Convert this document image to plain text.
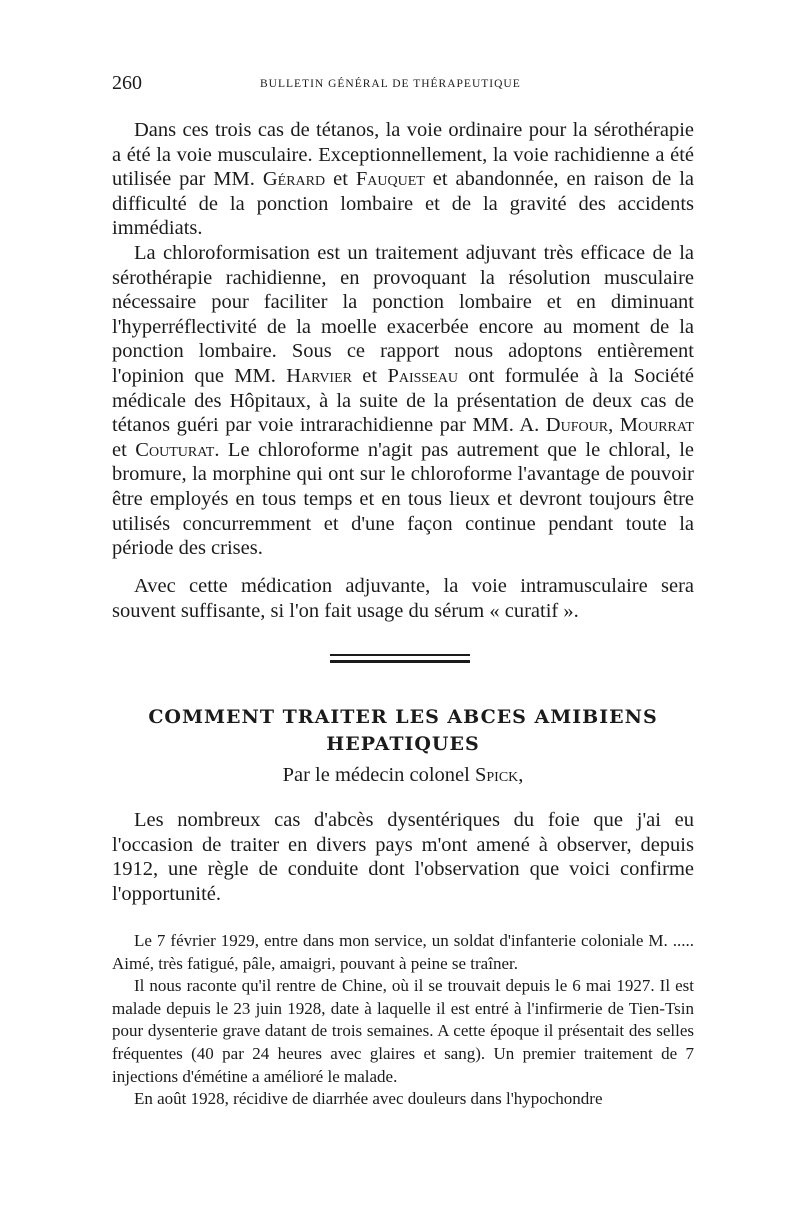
260	BULLETIN GÉNÉRAL DE THÉRAPEUTIQUE

Dans ces trois cas de tétanos, la voie ordinaire pour la sérothérapie a été la voie musculaire. Exceptionnellement, la voie rachidienne a été utilisée par MM. Gérard et Fauquet et abandonnée, en raison de la difficulté de la ponction lombaire et de la gravité des accidents immédiats.

La chloroformisation est un traitement adjuvant très efficace de la sérothérapie rachidienne, en provoquant la résolution musculaire nécessaire pour faciliter la ponction lombaire et en diminuant l'hyperréflectivité de la moelle exacerbée encore au moment de la ponction lombaire. Sous ce rapport nous adoptons entièrement l'opinion que MM. Harvier et Paisseau ont formulée à la Société médicale des Hôpitaux, à la suite de la présentation de deux cas de tétanos guéri par voie intrarachidienne par MM. A. Dufour, Mourrat et Couturat. Le chloroforme n'agit pas autrement que le chloral, le bromure, la morphine qui ont sur le chloroforme l'avantage de pouvoir être employés en tous temps et en tous lieux et devront toujours être utilisés concurremment et d'une façon continue pendant toute la période des crises.

Avec cette médication adjuvante, la voie intramusculaire sera souvent suffisante, si l'on fait usage du sérum « curatif ».

COMMENT TRAITER LES ABCES AMIBIENS
HEPATIQUES
Par le médecin colonel Spick,

Les nombreux cas d'abcès dysentériques du foie que j'ai eu l'occasion de traiter en divers pays m'ont amené à observer, depuis 1912, une règle de conduite dont l'observation que voici confirme l'opportunité.

Le 7 février 1929, entre dans mon service, un soldat d'infanterie coloniale M. ..... Aimé, très fatigué, pâle, amaigri, pouvant à peine se traîner.

Il nous raconte qu'il rentre de Chine, où il se trouvait depuis le 6 mai 1927. Il est malade depuis le 23 juin 1928, date à laquelle il est entré à l'infirmerie de Tien-Tsin pour dysenterie grave datant de trois semaines. A cette époque il présentait des selles fréquentes (40 par 24 heures avec glaires et sang). Un premier traitement de 7 injections d'émétine a amélioré le malade.

En août 1928, récidive de diarrhée avec douleurs dans l'hypochondre
